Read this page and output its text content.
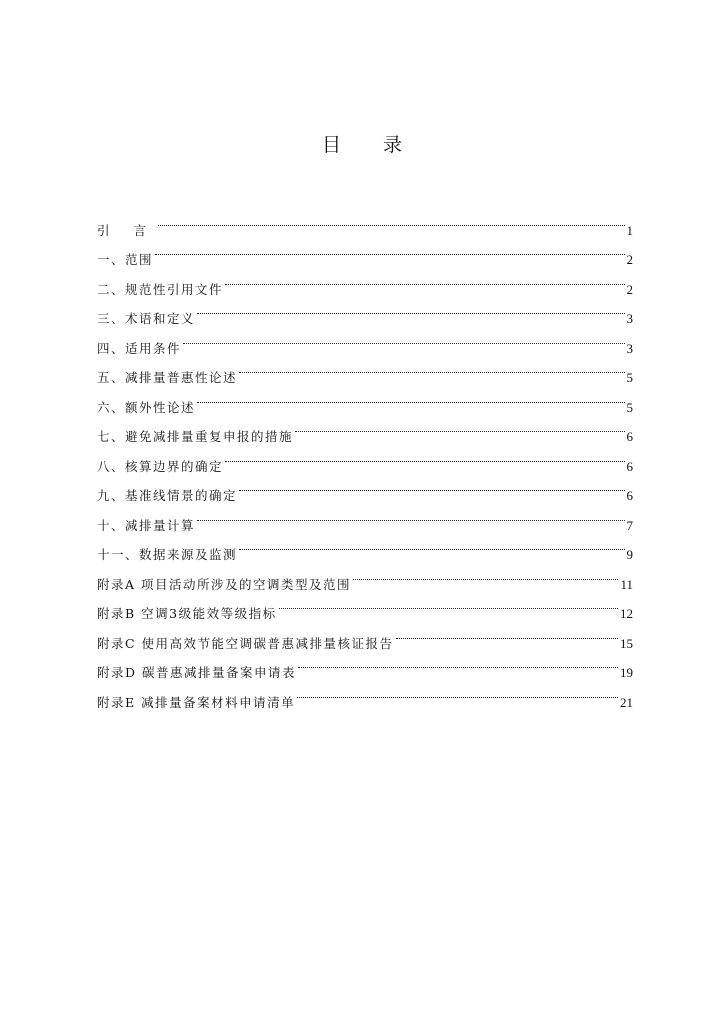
目 录
引 言	1
一、范围	2
二、规范性引用文件	2
三、术语和定义	3
四、适用条件	3
五、减排量普惠性论述	5
六、额外性论述	5
七、避免减排量重复申报的措施	6
八、核算边界的确定	6
九、基准线情景的确定	6
十、减排量计算	7
十一、数据来源及监测	9
附录A 项目活动所涉及的空调类型及范围	11
附录B 空调3级能效等级指标	12
附录C 使用高效节能空调碳普惠减排量核证报告	15
附录D 碳普惠减排量备案申请表	19
附录E 减排量备案材料申请清单	21
